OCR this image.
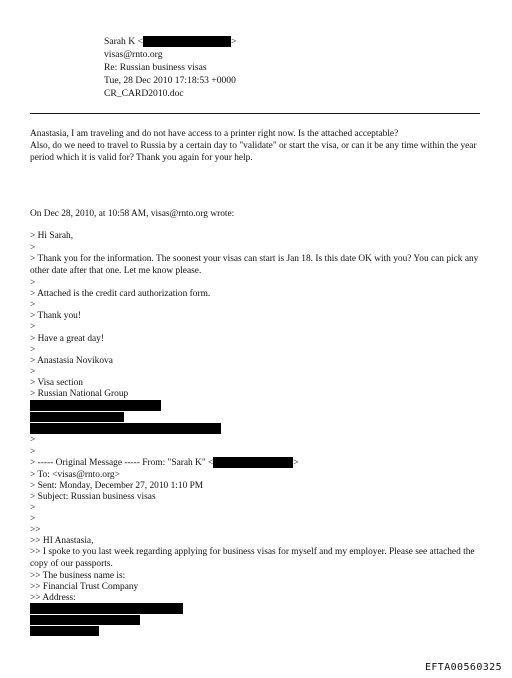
Sarah K <	>
visas@rnto.org
Re: Russian business visas
Tue, 28 Dec 2010 17:18:53 +0000
CR_CARD2010.doc
Anastasia, I am traveling and do not have access to a printer right now. Is the attached acceptable?
Also, do we need to travel to Russia by a certain day to "validate" or start the visa, or can it be any time within the year period which it is valid for? Thank you again for your help.
On Dec 28, 2010, at 10:58 AM, visas@rnto.org wrote:
> Hi Sarah,
>
> Thank you for the information. The soonest your visas can start is Jan 18. Is this date OK with you? You can pick any other date after that one. Let me know please.
>
> Attached is the credit card authorization form.
>
> Thank you!
>
> Have a great day!
>
> Anastasia Novikova
>
> Visa section
> Russian National Group
>
>
> ----- Original Message ----- From: "Sarah K" <	>
> To: <visas@rnto.org>
> Sent: Monday, December 27, 2010 1:10 PM
> Subject: Russian business visas
>
>
>>
>> HI Anastasia,
>> I spoke to you last week regarding applying for business visas for myself and my employer. Please see attached the copy of our passports.
>> The business name is:
>> Financial Trust Company
>> Address:
EFTA00560325
